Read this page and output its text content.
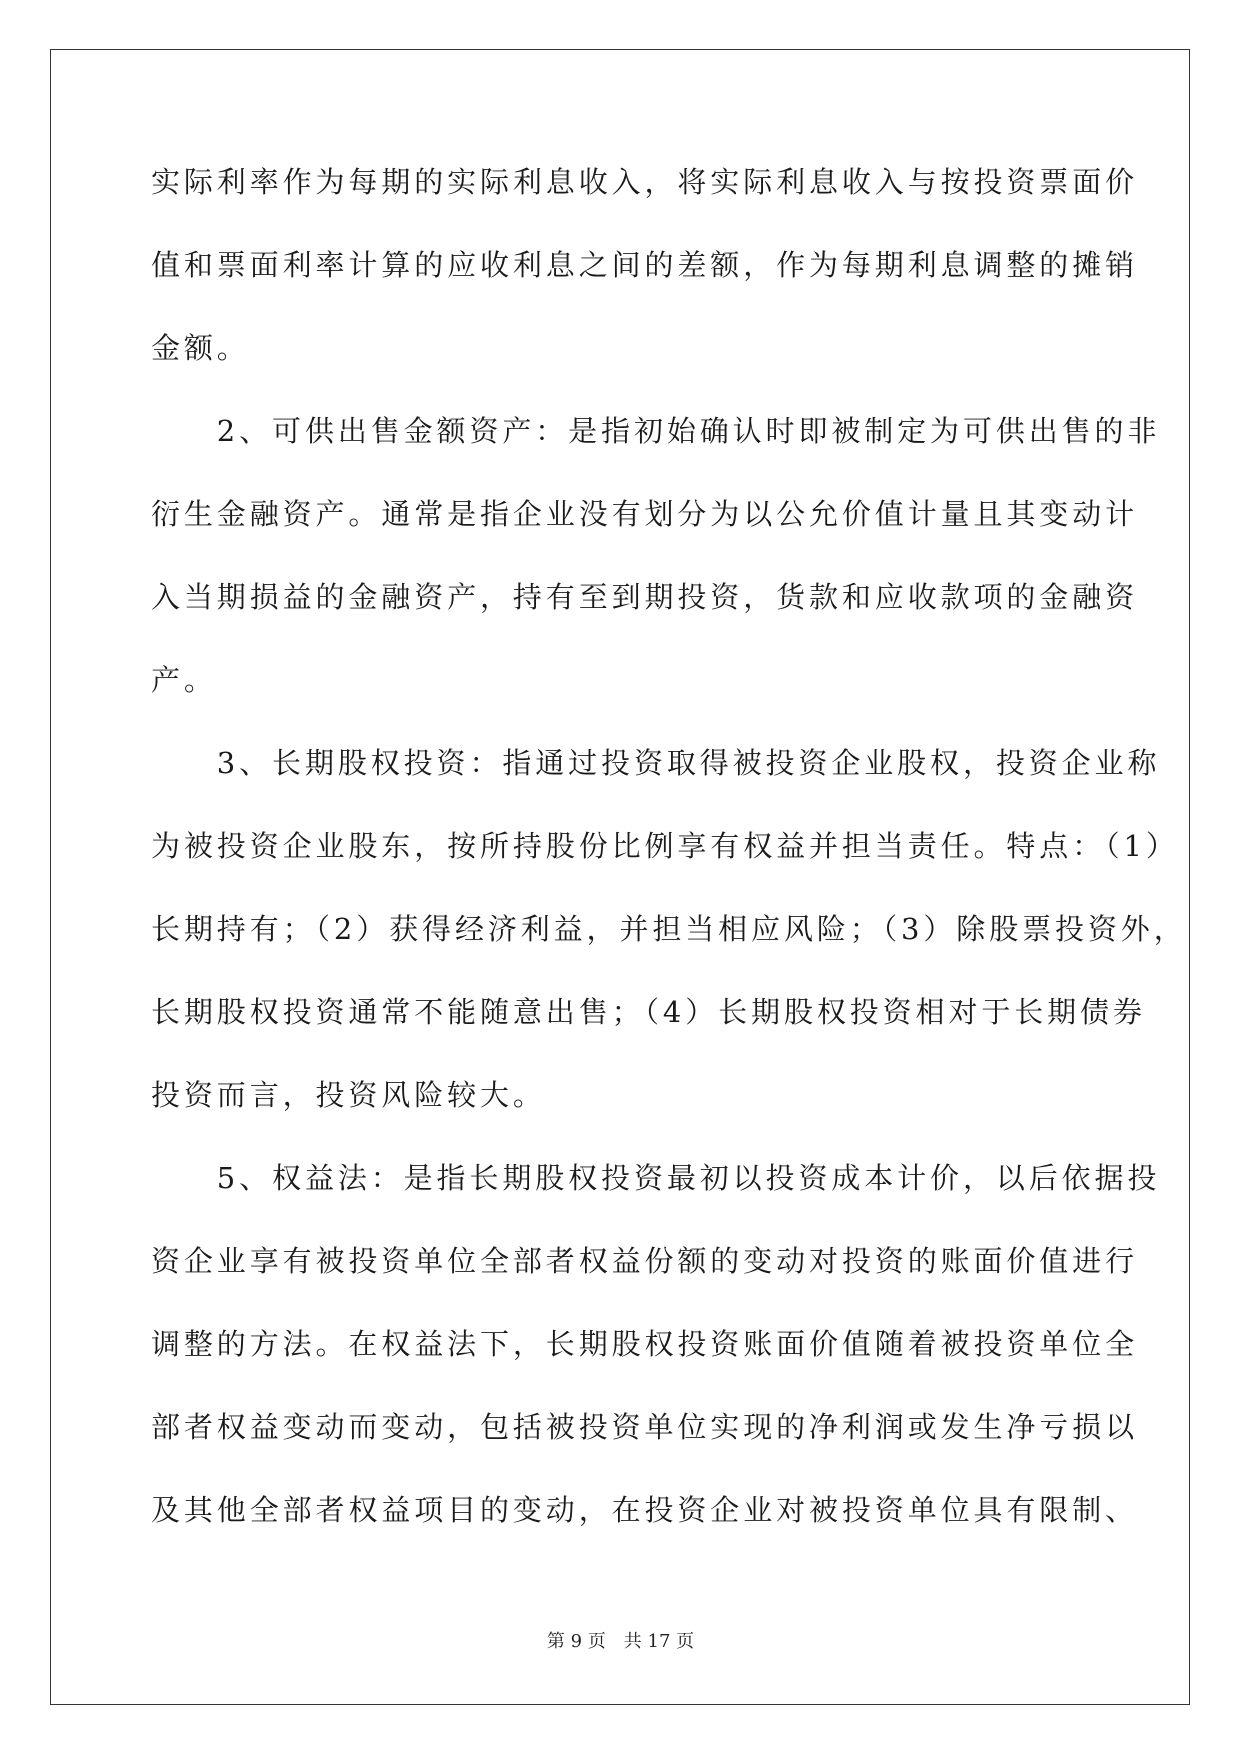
实际利率作为每期的实际利息收入，将实际利息收入与按投资票面价
值和票面利率计算的应收利息之间的差额，作为每期利息调整的摊销
金额。
　　2、可供出售金额资产：是指初始确认时即被制定为可供出售的非
衍生金融资产。通常是指企业没有划分为以公允价值计量且其变动计
入当期损益的金融资产，持有至到期投资，货款和应收款项的金融资
产。
　　3、长期股权投资：指通过投资取得被投资企业股权，投资企业称
为被投资企业股东，按所持股份比例享有权益并担当责任。特点：（1）
长期持有；（2）获得经济利益，并担当相应风险；（3）除股票投资外，
长期股权投资通常不能随意出售；（4）长期股权投资相对于长期债券
投资而言，投资风险较大。
　　5、权益法：是指长期股权投资最初以投资成本计价，以后依据投
资企业享有被投资单位全部者权益份额的变动对投资的账面价值进行
调整的方法。在权益法下，长期股权投资账面价值随着被投资单位全
部者权益变动而变动，包括被投资单位实现的净利润或发生净亏损以
及其他全部者权益项目的变动，在投资企业对被投资单位具有限制、
第 9 页　共 17 页
